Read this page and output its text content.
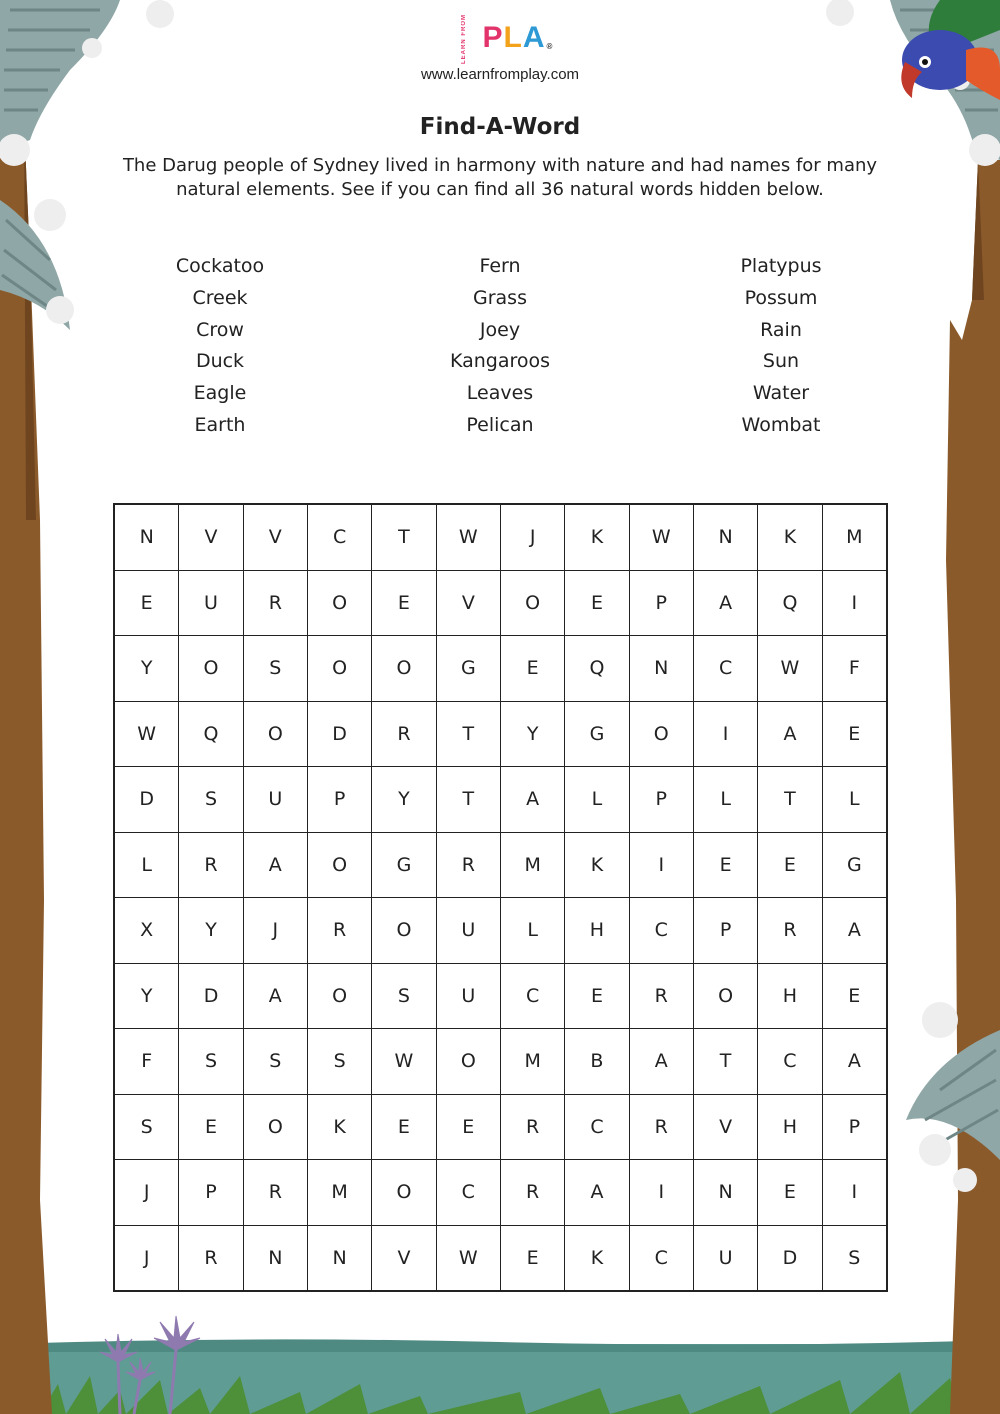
LEARN FROM PLA®
www.learnfromplay.com
Find-A-Word
The Darug people of Sydney lived in harmony with nature and had names for many natural elements. See if you can find all 36 natural words hidden below.
Cockatoo
Creek
Crow
Duck
Eagle
Earth
Fern
Grass
Joey
Kangaroos
Leaves
Pelican
Platypus
Possum
Rain
Sun
Water
Wombat
N	V	V	C	T	W	J	K	W	N	K	M
E	U	R	O	E	V	O	E	P	A	Q	I
Y	O	S	O	O	G	E	Q	N	C	W	F
W	Q	O	D	R	T	Y	G	O	I	A	E
D	S	U	P	Y	T	A	L	P	L	T	L
L	R	A	O	G	R	M	K	I	E	E	G
X	Y	J	R	O	U	L	H	C	P	R	A
Y	D	A	O	S	U	C	E	R	O	H	E
F	S	S	S	W	O	M	B	A	T	C	A
S	E	O	K	E	E	R	C	R	V	H	P
J	P	R	M	O	C	R	A	I	N	E	I
J	R	N	N	V	W	E	K	C	U	D	S
